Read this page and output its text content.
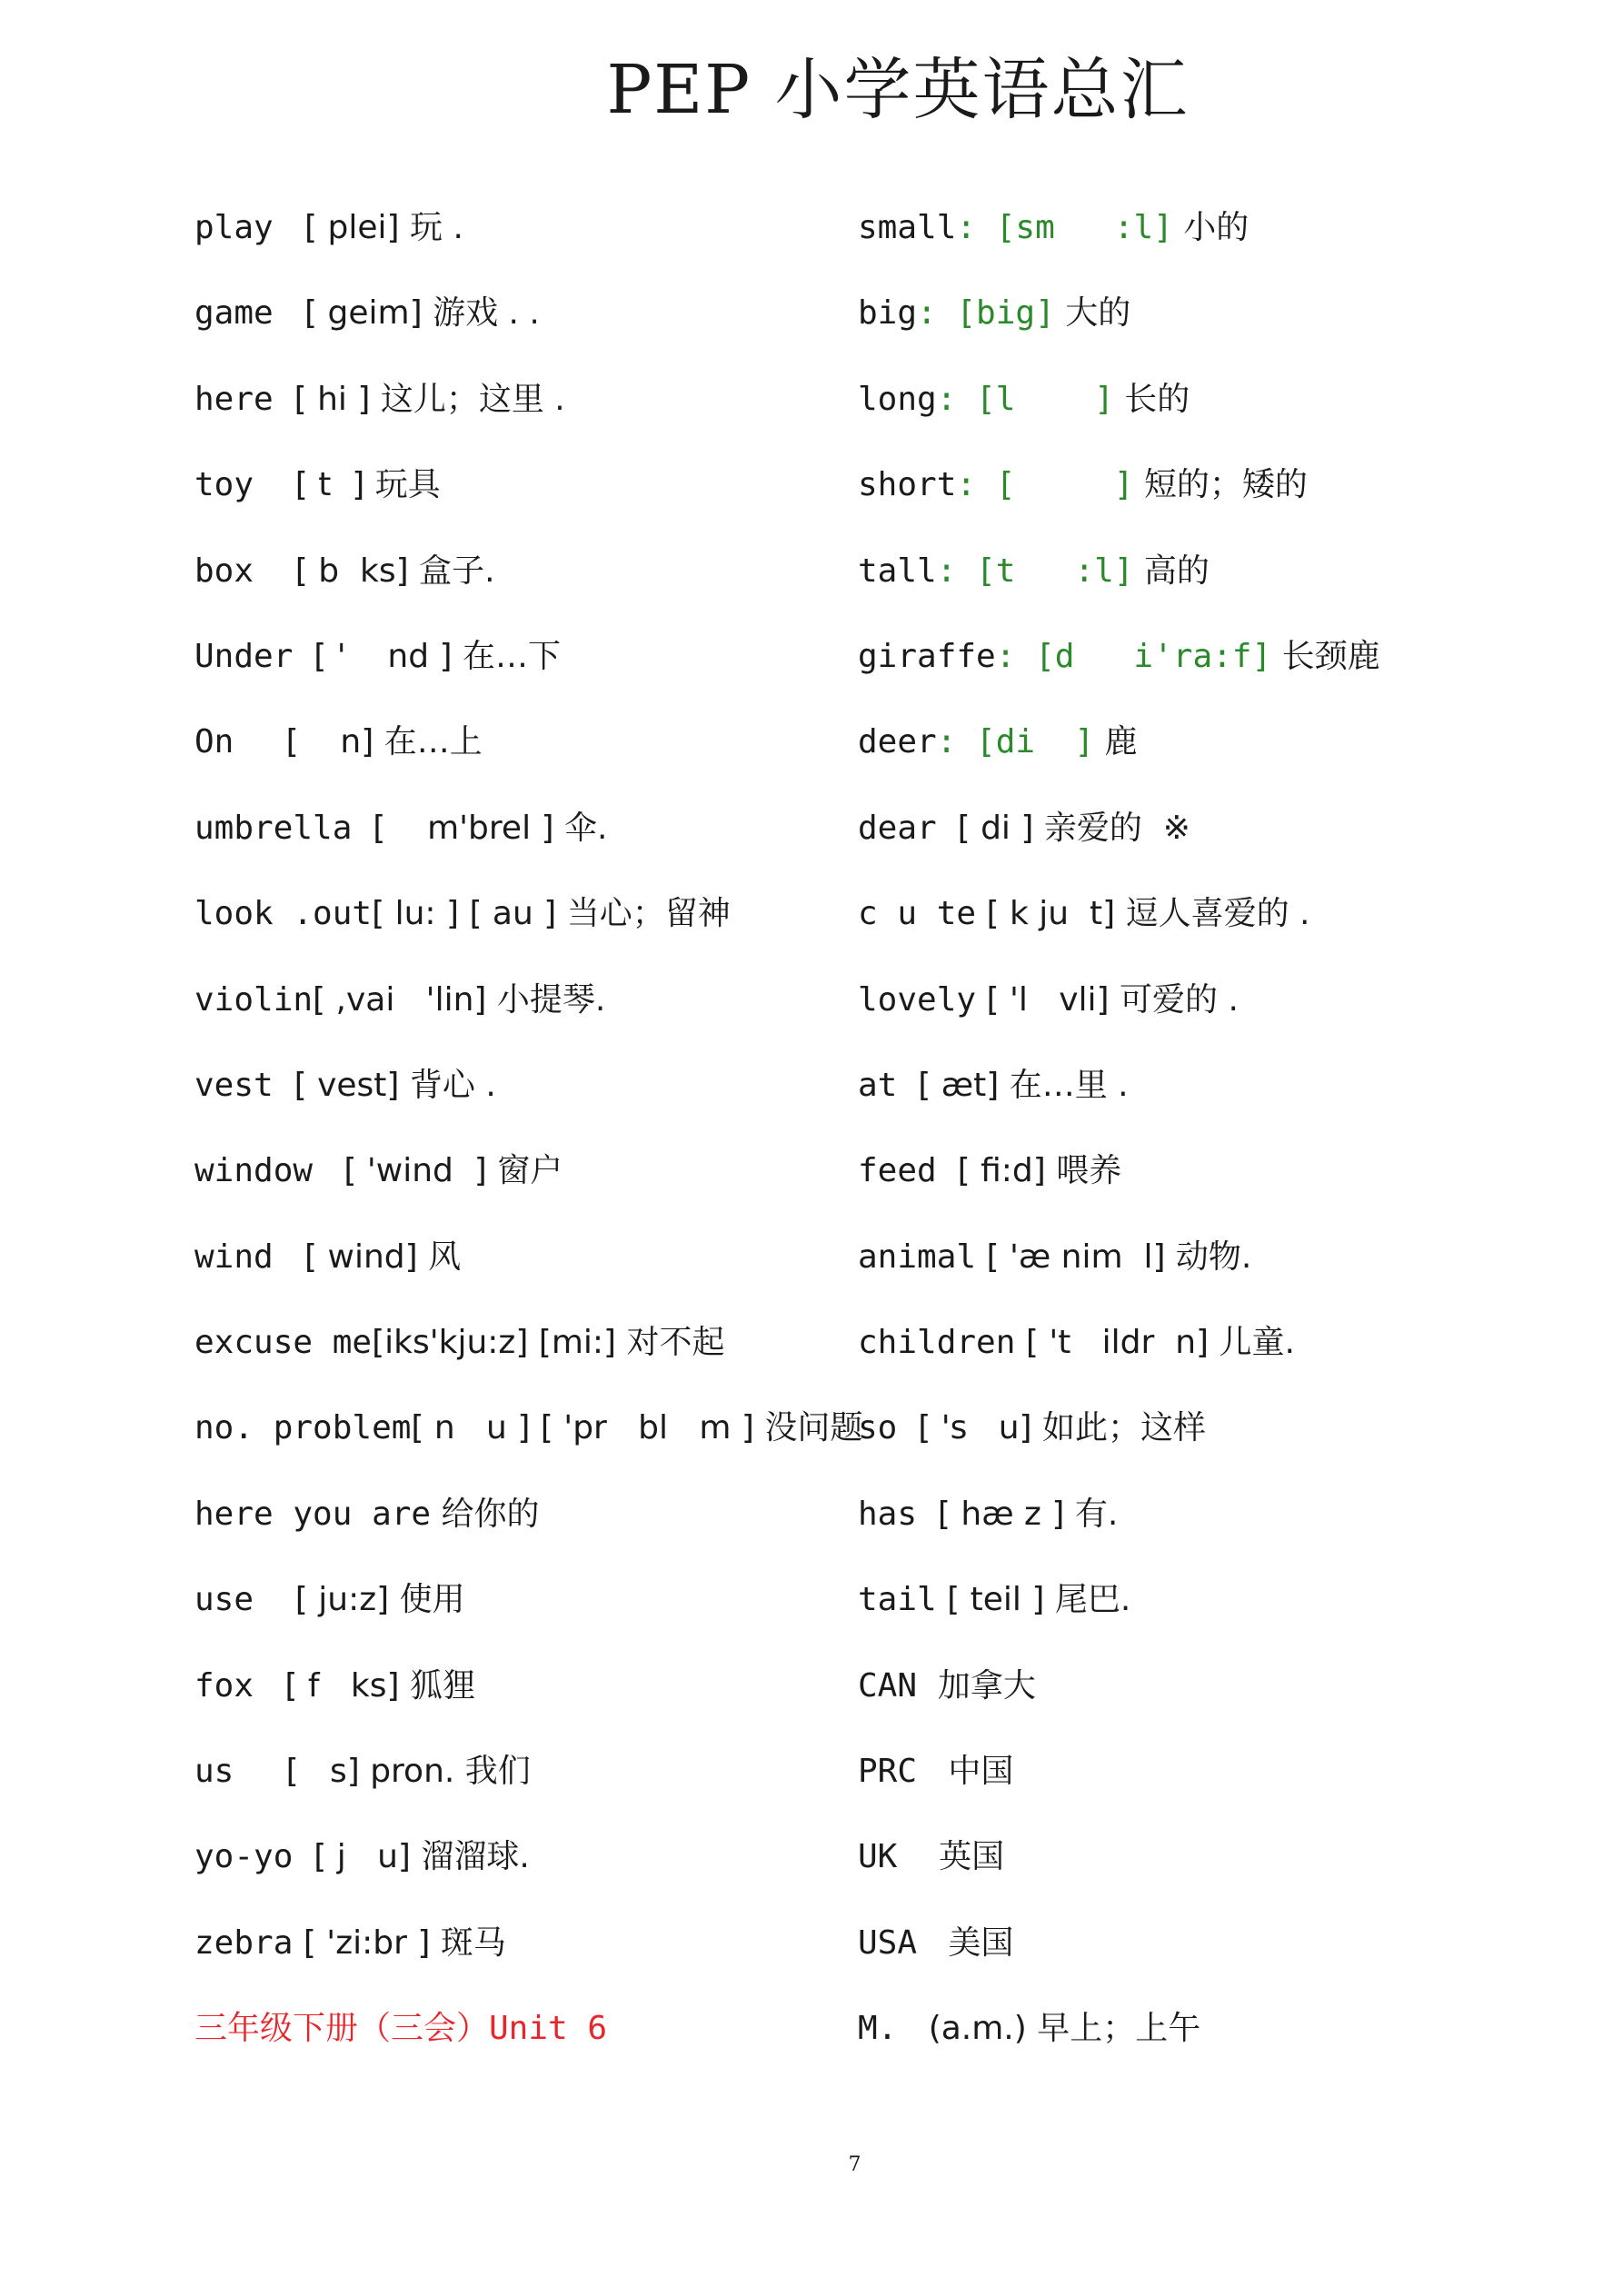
PEP 小学英语总汇
play   [ plei] 玩 .
game   [ geim] 游戏 . .
here  [ hi ] 这儿；这里 .
toy    [ t  ] 玩具
box    [ b  ks] 盒子.
Under  [ '    nd ] 在…下
On     [    n] 在…上
umbrella  [    m'brel ] 伞.
look .out[ lu: ] [ au ] 当心；留神
violin[ ,vai   'lin] 小提琴.
vest  [ vest] 背心 .
window   [ 'wind  ] 窗户
wind   [ wind] 风
excuse me[iks'kju:z] [mi:] 对不起
no. problem[ n   u ] [ 'pr   bl   m ] 没问题
here you are 给你的
use    [ ju:z] 使用
fox   [ f   ks] 狐狸
us     [   s] pron. 我们
yo-yo  [ j   u] 溜溜球.
zebra [ 'zi:br ] 斑马
三年级下册（三会）Unit 6
small: [sm   :l] 小的
big: [big] 大的
long: [l    ] 长的
short: [     ] 短的；矮的
tall: [t   :l] 高的
giraffe: [d   i'ra:f] 长颈鹿
deer: [di  ] 鹿
dear  [ di ] 亲爱的  ※
c u te [ k ju  t] 逗人喜爱的 .
lovely [ 'l   vli] 可爱的 .
at  [ æt] 在…里 .
feed  [ fi:d] 喂养
animal [ 'æ nim  l] 动物.
children [ 't   ildr  n] 儿童.
so  [ 's   u] 如此；这样
has  [ hæ z ] 有.
tail [ teil ] 尾巴.
CAN  加拿大
PRC   中国
UK    英国
USA   美国
M.   (a.m.) 早上；上午
7
